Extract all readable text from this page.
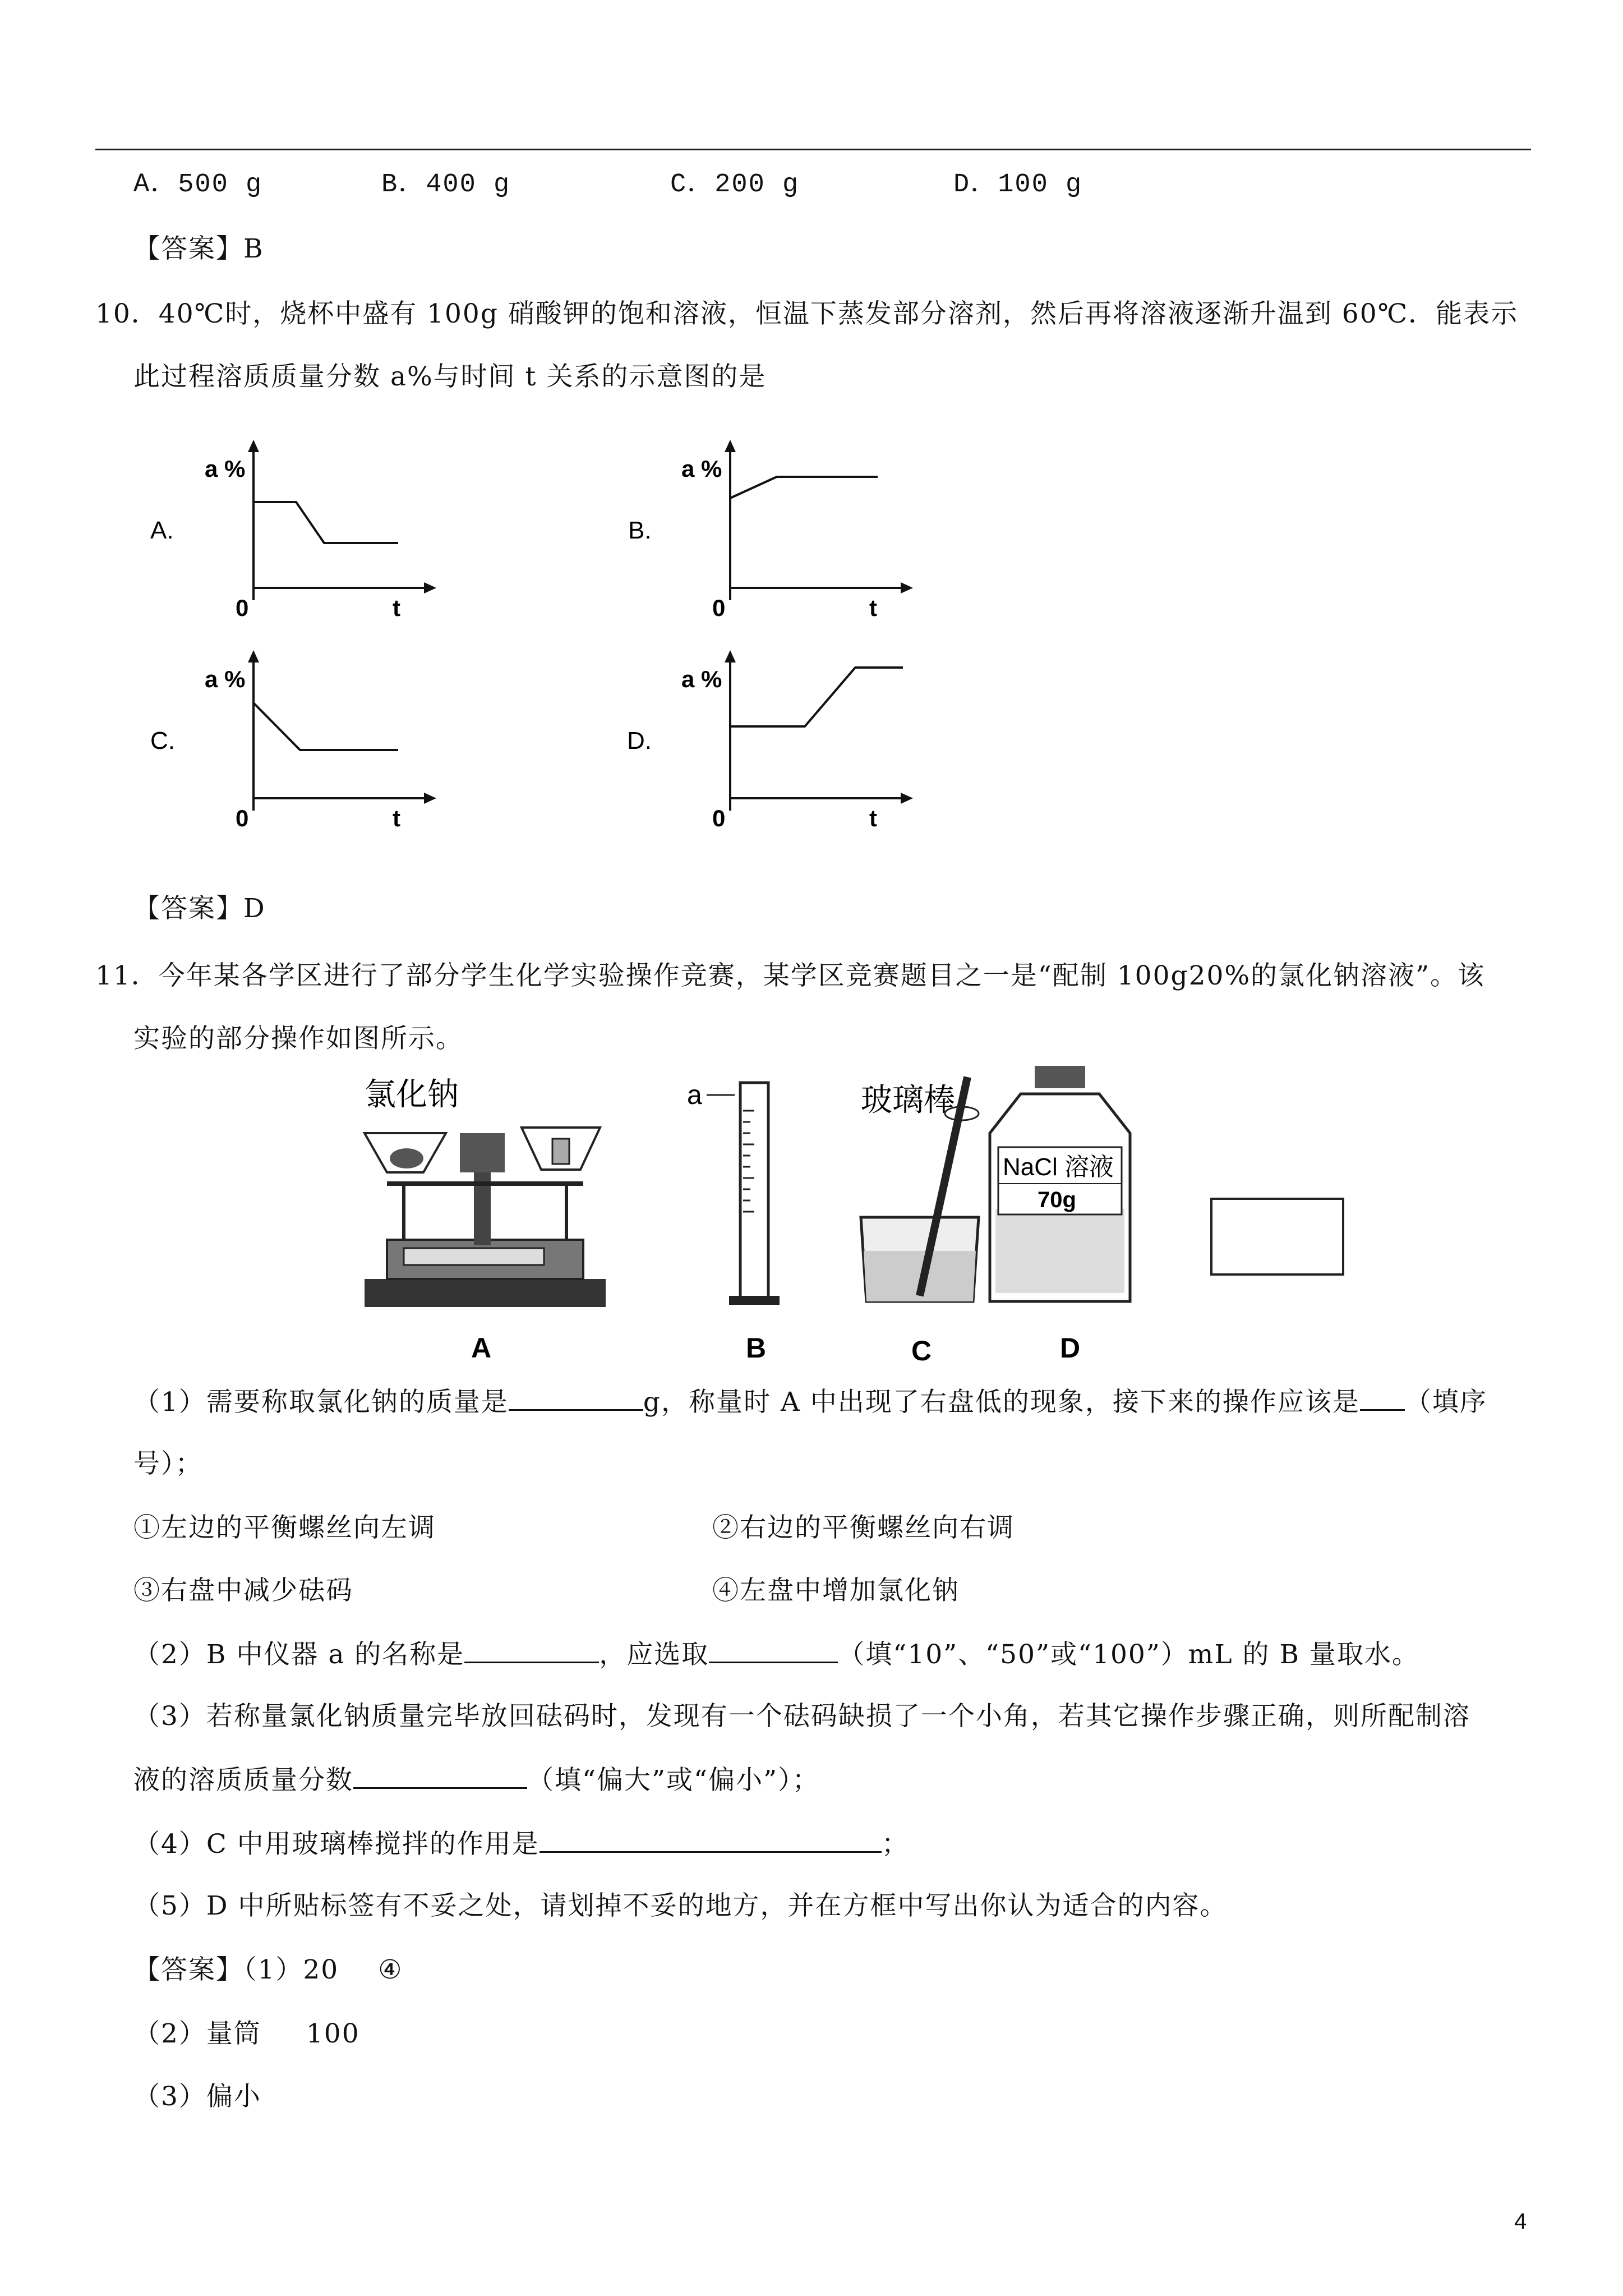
A．500 g	B．400 g	C．200 g	D．100 g
【答案】B
10．40℃时，烧杯中盛有 100g 硝酸钾的饱和溶液，恒温下蒸发部分溶剂，然后再将溶液逐渐升温到 60℃．能表示
此过程溶质质量分数 a%与时间 t 关系的示意图的是
a %
A.
0	t
a %
B.
0	t
a %
C.
0	t
a %
D.
0	t
【答案】D
11．今年某各学区进行了部分学生化学实验操作竞赛，某学区竞赛题目之一是“配制 100g20%的氯化钠溶液”。该
实验的部分操作如图所示。
氯化钠	a	玻璃棒
NaCl 溶液
70g
A	B	C	D
（1）需要称取氯化钠的质量是	g，称量时 A 中出现了右盘低的现象，接下来的操作应该是 （填序
号）；
①左边的平衡螺丝向左调	②右边的平衡螺丝向右调
③右盘中减少砝码	④左盘中增加氯化钠
（2）B 中仪器 a 的名称是	，应选取	（填“10”、“50”或“100”）mL 的 B 量取水。
（3）若称量氯化钠质量完毕放回砝码时，发现有一个砝码缺损了一个小角，若其它操作步骤正确，则所配制溶
液的溶质质量分数	（填“偏大”或“偏小”）；
（4）C 中用玻璃棒搅拌的作用是	；
（5）D 中所贴标签有不妥之处，请划掉不妥的地方，并在方框中写出你认为适合的内容。
【答案】（1）20 ④
（2）量筒 100
（3）偏小
4
